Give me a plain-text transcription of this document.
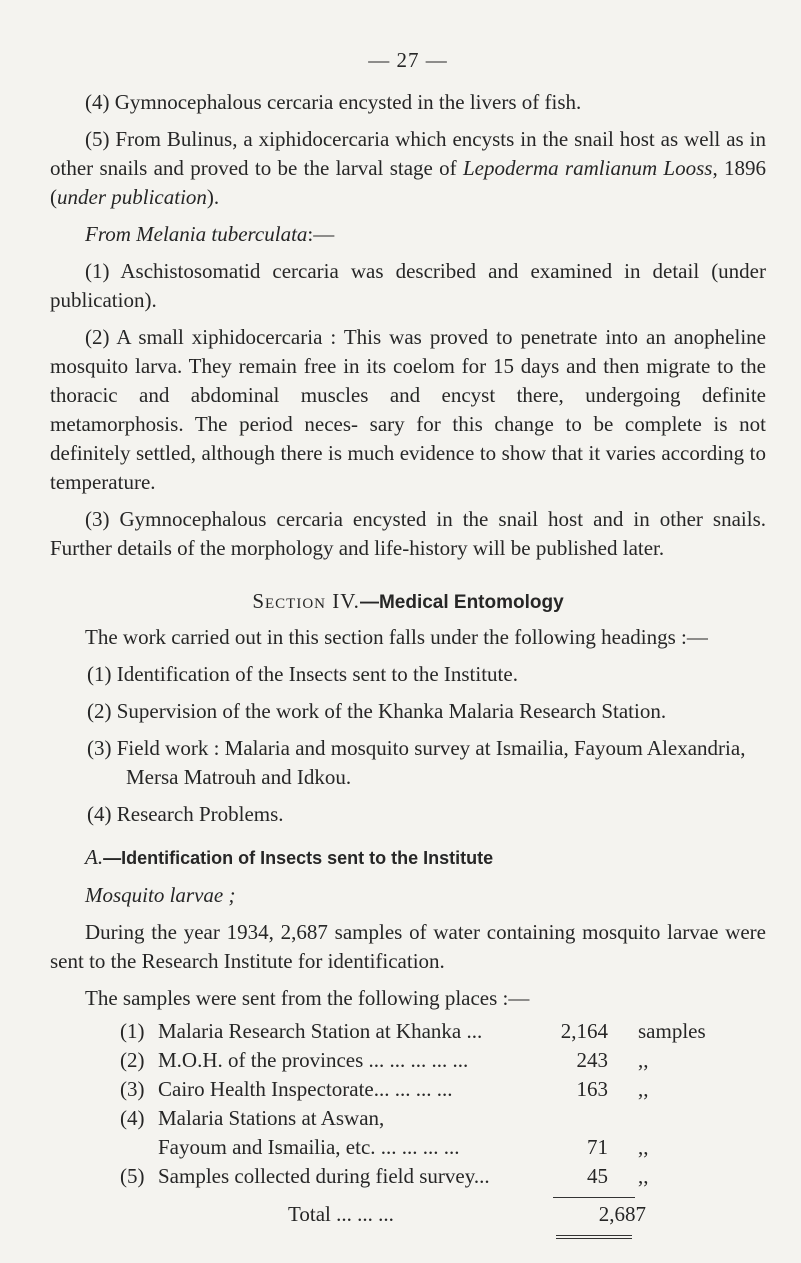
— 27 —

(4) Gymnocephalous cercaria encysted in the livers of fish.

(5) From Bulinus, a xiphidocercaria which encysts in the snail host as well as in other snails and proved to be the larval stage of Lepoderma ramlianum Looss, 1896 (under publication).

From Melania tuberculata:—

(1) Aschistosomatid cercaria was described and examined in detail (under publication).

(2) A small xiphidocercaria : This was proved to penetrate into an anopheline mosquito larva. They remain free in its coelom for 15 days and then migrate to the thoracic and abdominal muscles and encyst there, undergoing definite metamorphosis. The period neces- sary for this change to be complete is not definitely settled, although there is much evidence to show that it varies according to temperature.

(3) Gymnocephalous cercaria encysted in the snail host and in other snails. Further details of the morphology and life-history will be published later.

Section IV.—Medical Entomology

The work carried out in this section falls under the following headings :—

(1) Identification of the Insects sent to the Institute.

(2) Supervision of the work of the Khanka Malaria Research Station.

(3) Field work : Malaria and mosquito survey at Ismailia, Fayoum Alexandria, Mersa Matrouh and Idkou.

(4) Research Problems.

A.—Identification of Insects sent to the Institute

Mosquito larvae ;

During the year 1934, 2,687 samples of water containing mosquito larvae were sent to the Research Institute for identification.

The samples were sent from the following places :—

(1) Malaria Research Station at Khanka ...	2,164	samples
(2) M.O.H. of the provinces ... ... ... ... ...	243	,,
(3) Cairo Health Inspectorate... ... ... ...	163	,,
(4) Malaria Stations at Aswan,
Fayoum and Ismailia, etc. ... ... ... ...	71	,,
(5) Samples collected during field survey...	45	,,
Total ... ... ...	2,687
